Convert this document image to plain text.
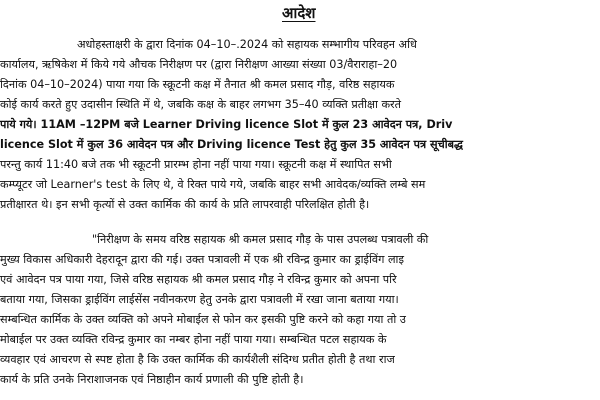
आदेश
अधोहस्ताक्षरी के द्वारा दिनांक 04–10–.2024 को सहायक सम्भागीय परिवहन अधि
कार्यालय, ऋषिकेश में किये गये औचक निरीक्षण पर (द्वारा निरीक्षण आख्या संख्या 03/वैराराहा–20
दिनांक 04–10–2024) पाया गया कि स्क्रूटनी कक्ष में तैनात श्री कमल प्रसाद गौड़, वरिष्ठ सहायक
कोई कार्य करते हुए उदासीन स्थिति में थे, जबकि कक्ष के बाहर लगभग 35–40 व्यक्ति प्रतीक्षा करते
पाये गये। 11AM –12PM बजे Learner Driving licence Slot में कुल 23 आवेदन पत्र, Driv
licence Slot में कुल 36 आवेदन पत्र और Driving licence Test हेतु कुल 35 आवेदन पत्र सूचीबद्ध
परन्तु कार्य 11:40 बजे तक भी स्क्रूटनी प्रारम्भ होना नहीं पाया गया। स्क्रूटनी कक्ष में स्थापित सभी
कम्प्यूटर जो Learner's test के लिए थे, वे रिक्त पाये गये, जबकि बाहर सभी आवेदक/व्यक्ति लम्बे सम
प्रतीक्षारत थे। इन सभी कृत्यों से उक्त कार्मिक की कार्य के प्रति लापरवाही परिलक्षित होती है।
"निरीक्षण के समय वरिष्ठ सहायक श्री कमल प्रसाद गौड़ के पास उपलब्ध पत्रावली की
मुख्य विकास अधिकारी देहरादून द्वारा की गई। उक्त पत्रावली में एक श्री रविन्द्र कुमार का ड्राईविंग लाइ
एवं आवेदन पत्र पाया गया, जिसे वरिष्ठ सहायक श्री कमल प्रसाद गौड़ ने रविन्द्र कुमार को अपना परि
बताया गया, जिसका ड्राईविंग लाईसेंस नवीनकरण हेतु उनके द्वारा पत्रावली में रखा जाना बताया गया।
सम्बन्धित कार्मिक के उक्त व्यक्ति को अपने मोबाईल से फोन कर इसकी पुष्टि करने को कहा गया तो उ
मोबाईल पर उक्त व्यक्ति रविन्द्र कुमार का नम्बर होना नहीं पाया गया। सम्बन्धित पटल सहायक के
व्यवहार एवं आचरण से स्पष्ट होता है कि उक्त कार्मिक की कार्यशैली संदिग्ध प्रतीत होती है तथा राज
कार्य के प्रति उनके निराशाजनक एवं निष्ठाहीन कार्य प्रणाली की पुष्टि होती है।
